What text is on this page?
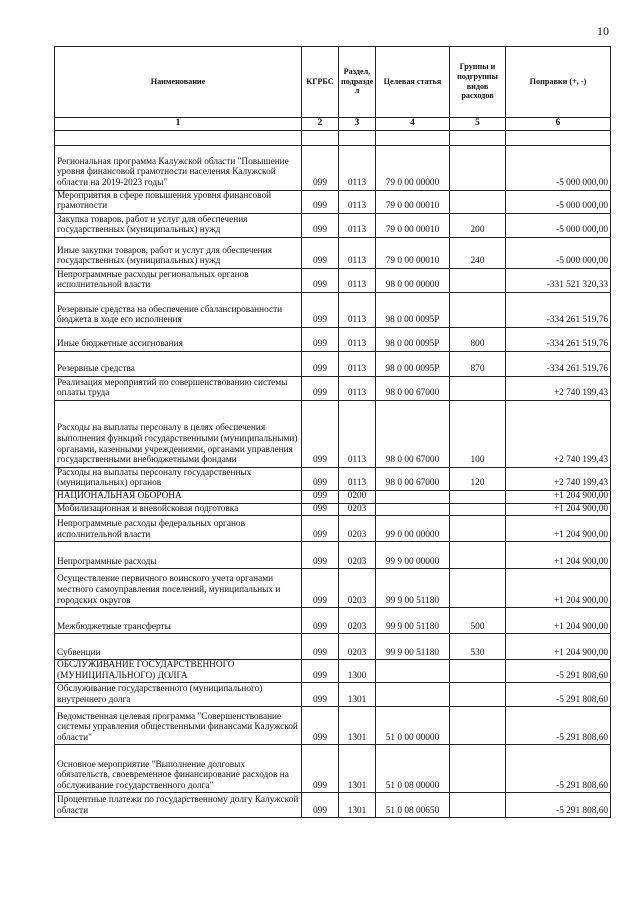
10
Наименование	КГРБС	Раздел, подразде л	Целевая статья	Группы и подгруппы видов расходов	Поправки (+, -)
1	2	3	4	5	6

Региональная программа Калужской области "Повышение уровня финансовой грамотности населения Калужской области на 2019-2023 годы"	099	0113	79 0 00 00000		-5 000 000,00
Мероприятия в сфере повышения уровня финансовой грамотности	099	0113	79 0 00 00010		-5 000 000,00
Закупка товаров, работ и услуг для обеспечения государственных (муниципальных) нужд	099	0113	79 0 00 00010	200	-5 000 000,00
Иные закупки товаров, работ и услуг для обеспечения государственных (муниципальных) нужд	099	0113	79 0 00 00010	240	-5 000 000,00
Непрограммные расходы региональных органов исполнительной власти	099	0113	98 0 00 00000		-331 521 320,33
Резервные средства на обеспечение сбалансированности бюджета в ходе его исполнения	099	0113	98 0 00 0095Р		-334 261 519,76
Иные бюджетные ассигнования	099	0113	98 0 00 0095Р	800	-334 261 519,76
Резервные средства	099	0113	98 0 00 0095Р	870	-334 261 519,76
Реализация мероприятий по совершенствованию системы оплаты труда	099	0113	98 0 00 67000		+2 740 199,43
Расходы на выплаты персоналу в целях обеспечения выполнения функций государственными (муниципальными) органами, казенными учреждениями, органами управления государственными внебюджетными фондами	099	0113	98 0 00 67000	100	+2 740 199,43
Расходы на выплаты персоналу государственных (муниципальных) органов	099	0113	98 0 00 67000	120	+2 740 199,43
НАЦИОНАЛЬНАЯ ОБОРОНА	099	0200			+1 204 900,00
Мобилизационная и вневойсковая подготовка	099	0203			+1 204 900,00
Непрограммные расходы федеральных органов исполнительной власти	099	0203	99 0 00 00000		+1 204 900,00
Непрограммные расходы	099	0203	99 9 00 00000		+1 204 900,00
Осуществление первичного воинского учета органами местного самоуправления поселений, муниципальных и городских округов	099	0203	99 9 00 51180		+1 204 900,00
Межбюджетные трансферты	099	0203	99 9 00 51180	500	+1 204 900,00
Субвенции	099	0203	99 9 00 51180	530	+1 204 900,00
ОБСЛУЖИВАНИЕ ГОСУДАРСТВЕННОГО (МУНИЦИПАЛЬНОГО) ДОЛГА	099	1300			-5 291 808,60
Обслуживание государственного (муниципального) внутреннего долга	099	1301			-5 291 808,60
Ведомственная целевая программа "Совершенствование системы управления общественными финансами Калужской области"	099	1301	51 0 00 00000		-5 291 808,60
Основное мероприятие "Выполнение долговых обязательств, своевременное финансирование расходов на обслуживание государственного долга"	099	1301	51 0 08 00000		-5 291 808,60
Процентные платежи по государственному долгу Калужской области	099	1301	51 0 08 00650		-5 291 808,60
